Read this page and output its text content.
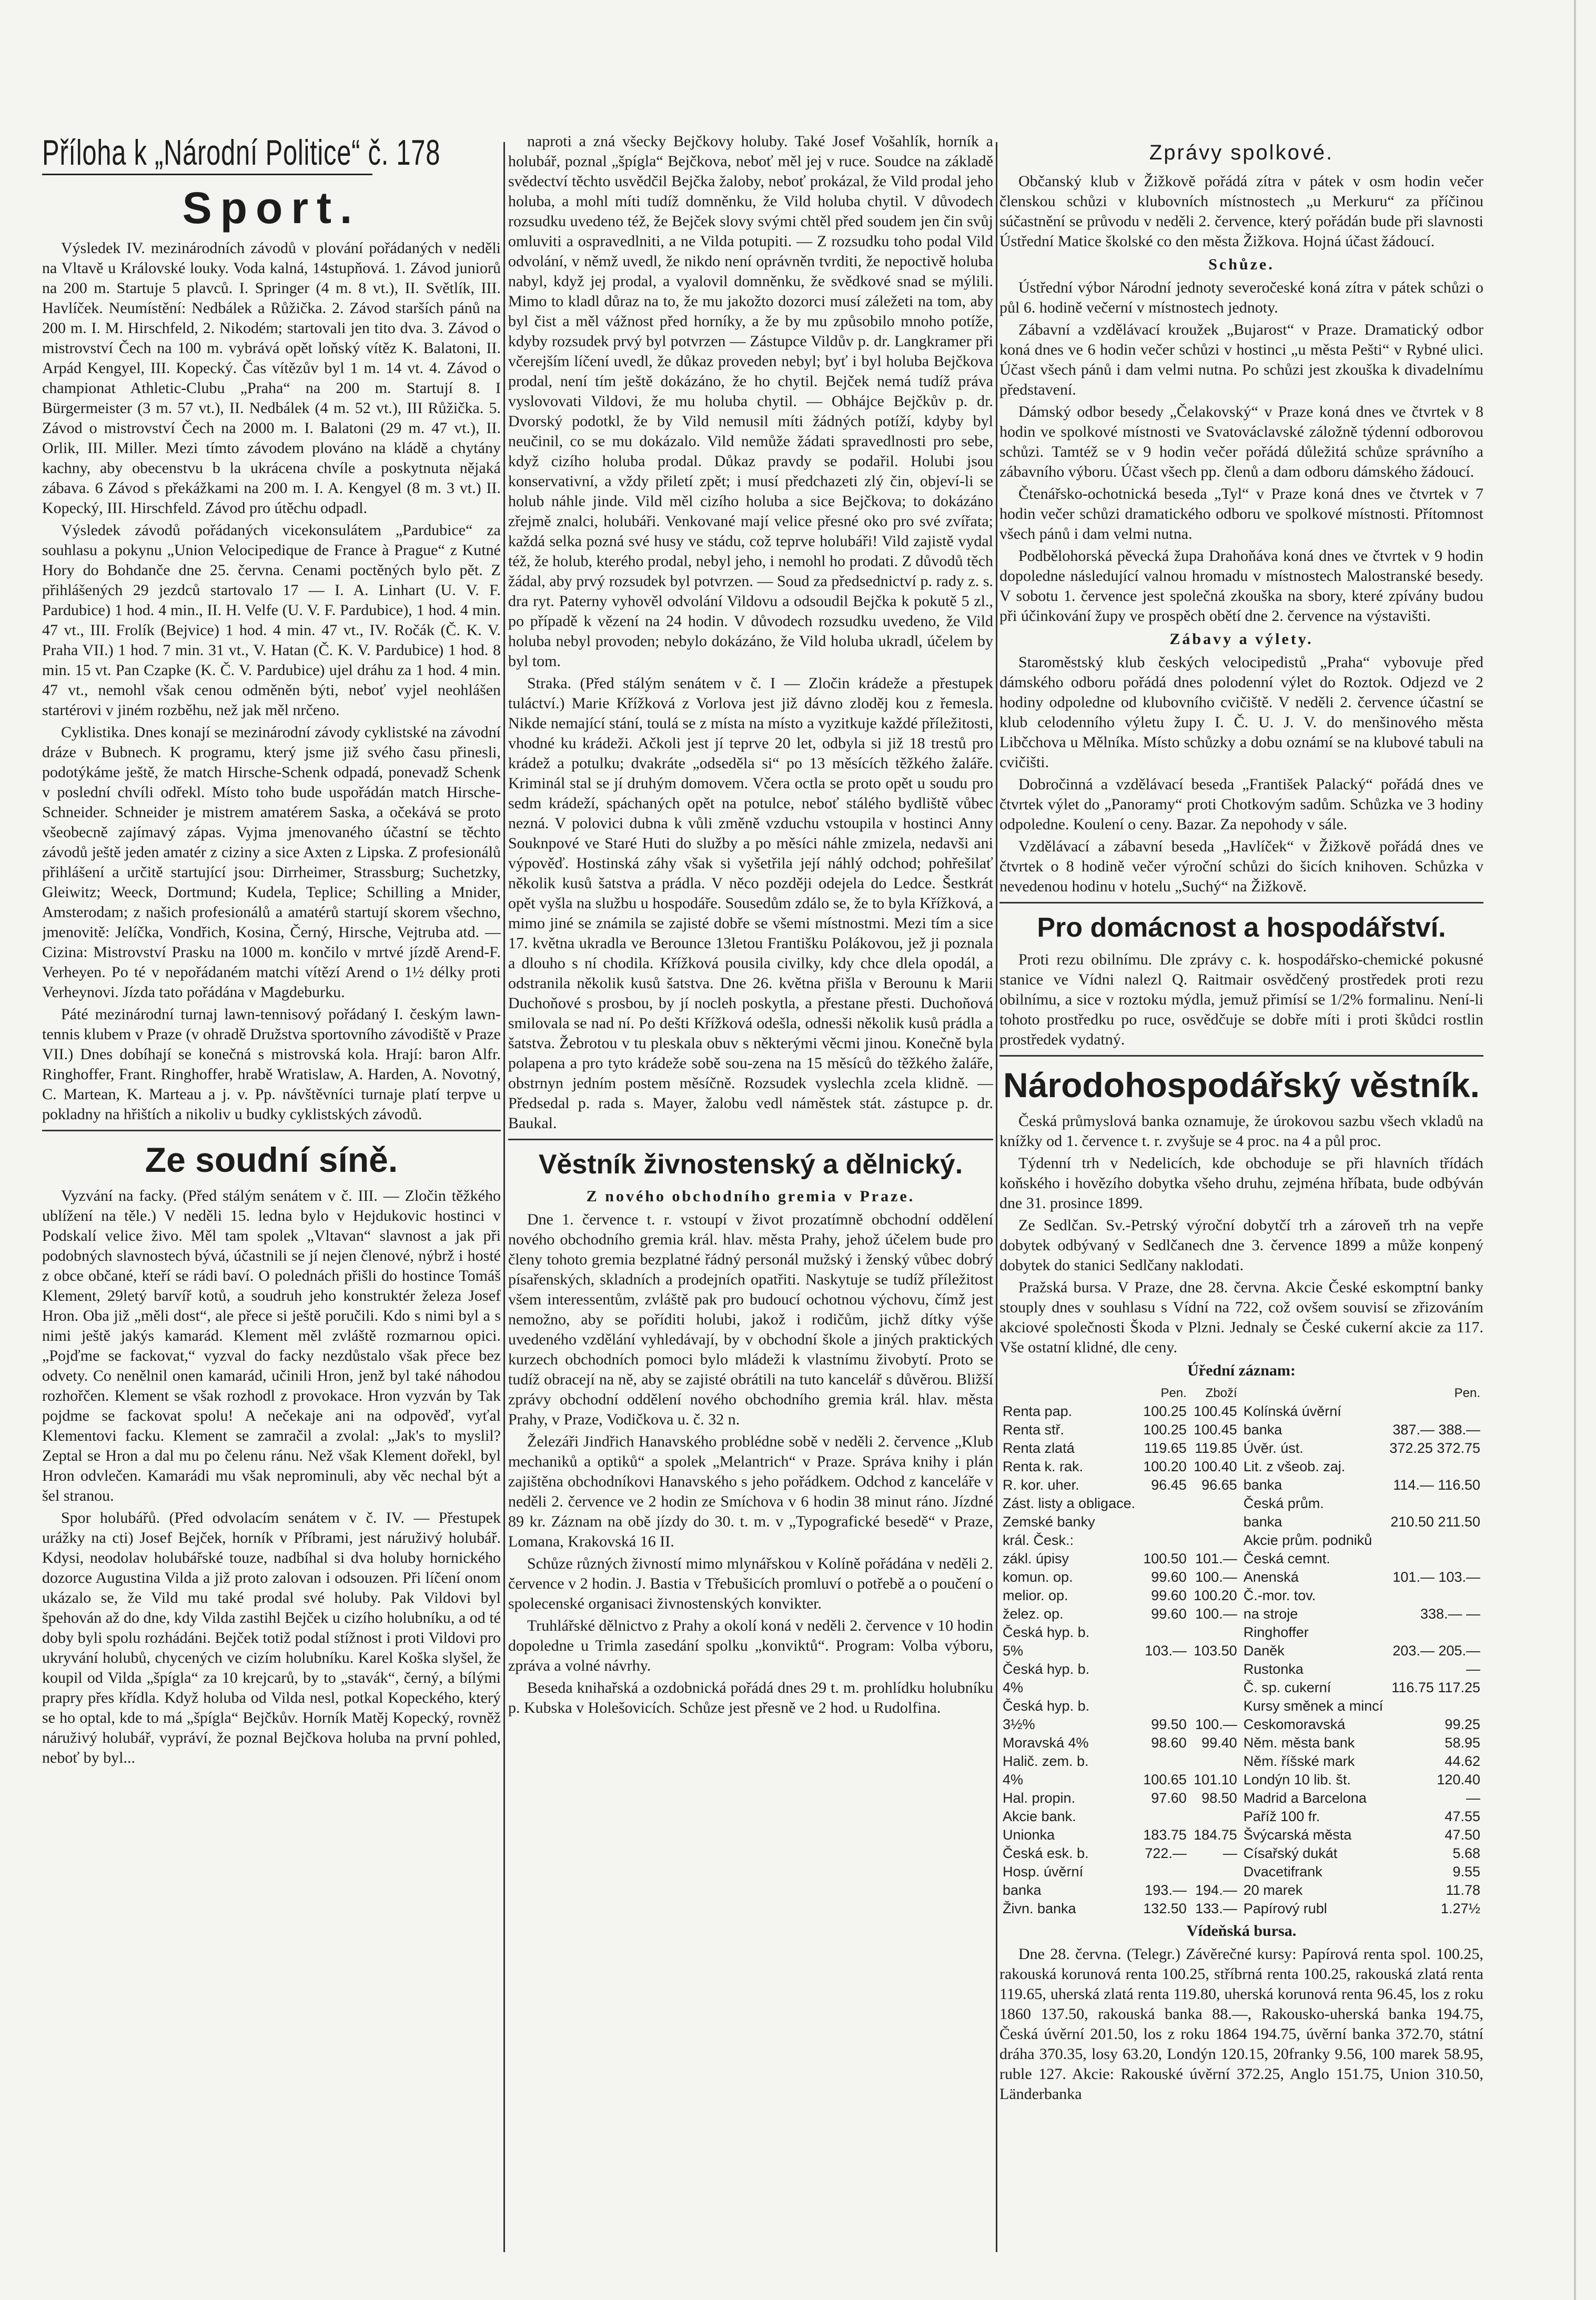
Příloha k „Národní Politice“ č. 178
Sport.

Výsledek IV. mezinárodních závodů v plování pořádaných v neděli na Vltavě u Královské louky. Voda kalná, 14stupňová. 1. Závod juniorů na 200 m. Startuje 5 plavců. I. Springer (4 m. 8 vt.), II. Světlík, III. Havlíček. Neumístění: Nedbálek a Růžička. 2. Závod starších pánů na 200 m. I. M. Hirschfeld, 2. Nikodém; startovali jen tito dva. 3. Závod o mistrovství Čech na 100 m. vybrává opět loňský vítěz K. Balatoni, II. Arpád Kengyel, III. Kopecký. Čas vítězův byl 1 m. 14 vt. 4. Závod o championat Athletic-Clubu „Praha“ na 200 m. Startují 8. I Bürgermeister (3 m. 57 vt.), II. Nedbálek (4 m. 52 vt.), III Růžička. 5. Závod o mistrovství Čech na 2000 m. I. Balatoni (29 m. 47 vt.), II. Orlik, III. Miller. Mezi tímto závodem plováno na kládě a chytány kachny, aby obecenstvu b la ukrácena chvíle a poskytnuta nějaká zábava. 6 Závod s překážkami na 200 m. I. A. Kengyel (8 m. 3 vt.) II. Kopecký, III. Hirschfeld. Závod pro útěchu odpadl.

Výsledek závodů pořádaných vicekonsulátem „Pardubice“ za souhlasu a pokynu „Union Velocipedique de France à Prague“ z Kutné Hory do Bohdanče dne 25. června. Cenami poctěných bylo pět. Z přihlášených 29 jezdců startovalo 17 — I. A. Linhart (U. V. F. Pardubice) 1 hod. 4 min., II. H. Velfe (U. V. F. Pardubice), 1 hod. 4 min. 47 vt., III. Frolík (Bejvice) 1 hod. 4 min. 47 vt., IV. Ročák (Č. K. V. Praha VII.) 1 hod. 7 min. 31 vt., V. Hatan (Č. K. V. Pardubice) 1 hod. 8 min. 15 vt. Pan Czapke (K. Č. V. Pardubice) ujel dráhu za 1 hod. 4 min. 47 vt., nemohl však cenou odměněn býti, neboť vyjel neohlášen startérovi v jiném rozběhu, než jak měl nrčeno.

Cyklistika. Dnes konají se mezinárodní závody cyklistské na závodní dráze v Bubnech. K programu, který jsme již svého času přinesli, podotýkáme ještě, že match Hirsche-Schenk odpadá, ponevadž Schenk v poslední chvíli odřekl. Místo toho bude uspořádán match Hirsche-Schneider. Schneider je mistrem amatérem Saska, a očekává se proto všeobecně zajímavý zápas. Vyjma jmenovaného účastní se těchto závodů ještě jeden amatér z ciziny a sice Axten z Lipska. Z profesionálů přihlášení a určitě startující jsou: Dirrheimer, Strassburg; Suchetzky, Gleiwitz; Weeck, Dortmund; Kudela, Teplice; Schilling a Mnider, Amsterodam; z našich profesionálů a amatérů startují skorem všechno, jmenovitě: Jelíčka, Vondřich, Kosina, Černý, Hirsche, Vejtruba atd. — Cizina: Mistrovství Prasku na 1000 m. končilo v mrtvé jízdě Arend-F. Verheyen. Po té v nepořádaném matchi vítězí Arend o 1½ délky proti Verheynovi. Jízda tato pořádána v Magdeburku.

Páté mezinárodní turnaj lawn-tennisový pořádaný I. českým lawn-tennis klubem v Praze (v ohradě Družstva sportovního závodiště v Praze VII.) Dnes dobíhají se konečná s mistrovská kola. Hrají: baron Alfr. Ringhoffer, Frant. Ringhoffer, hrabě Wratislaw, A. Harden, A. Novotný, C. Martean, K. Marteau a j. v. Pp. návštěvníci turnaje platí terpve u pokladny na hřištích a nikoliv u budky cyklistských závodů.

Ze soudní síně.

Vyzvání na facky. (Před stálým senátem v č. III. — Zločin těžkého ublížení na těle.) V neděli 15. ledna bylo v Hejdukovic hostinci v Podskalí velice živo. Měl tam spolek „Vltavan“ slavnost a jak při podobných slavnostech bývá, účastnili se jí nejen členové, nýbrž i hosté z obce občané, kteří se rádi baví. O polednách přišli do hostince Tomáš Klement, 29letý barvíř kotů, a soudruh jeho konstruktér železa Josef Hron. Oba již „měli dost“, ale přece si ještě poručili. Kdo s nimi byl a s nimi ještě jakýs kamarád. Klement měl zvláště rozmarnou opici. „Pojďme se fackovat,“ vyzval do facky nezdůstalo však přece bez odvety. Co nenělnil onen kamarád, učinili Hron, jenž byl také náhodou rozhořčen. Klement se však rozhodl z provokace. Hron vyzván by Tak pojdme se fackovat spolu! A nečekaje ani na odpověď, vyťal Klementovi facku. Klement se zamračil a zvolal: „Jak's to myslil? Zeptal se Hron a dal mu po čelenu ránu. Než však Klement dořekl, byl Hron odvlečen. Kamarádi mu však neprominuli, aby věc nechal být a šel stranou.

Spor holubářů. (Před odvolacím senátem v č. IV. — Přestupek urážky na cti) Josef Bejček, horník v Příbrami, jest náruživý holubář. Kdysi, neodolav holubářské touze, nadbíhal si dva holuby hornického dozorce Augustina Vilda a již proto zalovan i odsouzen. Při líčení onom ukázalo se, že Vild mu také prodal své holuby. Pak Vildovi byl špehován až do dne, kdy Vilda zastihl Bejček u cizího holubníku, a od té doby byli spolu rozhádáni. Bejček totiž podal stížnost i proti Vildovi pro ukryvání holubů, chycených ve cizím holubníku. Karel Koška slyšel, že koupil od Vilda „špígla“ za 10 krejcarů, by to „stavák“, černý, a bílými prapry přes křídla. Když holuba od Vilda nesl, potkal Kopeckého, který se ho optal, kde to má „špígla“ Bejčkův. Horník Matěj Kopecký, rovněž náruživý holubář, vypráví, že poznal Bejčkova holuba na první pohled, neboť by byl...

naproti a zná všecky Bejčkovy holuby. Také Josef Vošahlík, horník a holubář, poznal „špígla“ Bejčkova, neboť měl jej v ruce. Soudce na základě svědectví těchto usvědčil Bejčka žaloby, neboť prokázal, že Vild prodal jeho holuba, a mohl míti tudíž domněnku, že Vild holuba chytil. V důvodech rozsudku uvedeno též, že Bejček slovy svými chtěl před soudem jen čin svůj omluviti a ospravedlniti, a ne Vilda potupiti. — Z rozsudku toho podal Vild odvolání, v němž uvedl, že nikdo není oprávněn tvrditi, že nepoctivě holuba nabyl, když jej prodal, a vyalovil domněnku, že svědkové snad se mýlili. Mimo to kladl důraz na to, že mu jakožto dozorci musí záležeti na tom, aby byl čist a měl vážnost před horníky, a že by mu způsobilo mnoho potíže, kdyby rozsudek prvý byl potvrzen — Zástupce Vildův p. dr. Langkramer při včerejším líčení uvedl, že důkaz proveden nebyl; byť i byl holuba Bejčkova prodal, není tím ještě dokázáno, že ho chytil. Bejček nemá tudíž práva vyslovovati Vildovi, že mu holuba chytil. — Obhájce Bejčkův p. dr. Dvorský podotkl, že by Vild nemusil míti žádných potíží, kdyby byl neučinil, co se mu dokázalo. Vild nemůže žádati spravedlnosti pro sebe, když cizího holuba prodal. Důkaz pravdy se podařil. Holubi jsou konservativní, a vždy přiletí zpět; i musí předchazeti zlý čin, objeví-li se holub náhle jinde. Vild měl cizího holuba a sice Bejčkova; to dokázáno zřejmě znalci, holubáři. Venkované mají velice přesné oko pro své zvířata; každá selka pozná své husy ve stádu, což teprve holubáři! Vild zajistě vydal též, že holub, kterého prodal, nebyl jeho, i nemohl ho prodati. Z důvodů těch žádal, aby prvý rozsudek byl potvrzen. — Soud za předsednictví p. rady z. s. dra ryt. Paterny vyhověl odvolání Vildovu a odsoudil Bejčka k pokutě 5 zl., po případě k vězení na 24 hodin. V důvodech rozsudku uvedeno, že Vild holuba nebyl provoden; nebylo dokázáno, že Vild holuba ukradl, účelem by byl tom.

Straka. (Před stálým senátem v č. I — Zločin krádeže a přestupek tuláctví.) Marie Křížková z Vorlova jest již dávno zloděj kou z řemesla. Nikde nemající stání, toulá se z místa na místo a vyzitkuje každé příležitosti, vhodné ku krádeži. Ačkoli jest jí teprve 20 let, odbyla si již 18 trestů pro krádež a potulku; dvakráte „odseděla si“ po 13 měsících těžkého žaláře. Kriminál stal se jí druhým domovem. Včera octla se proto opět u soudu pro sedm krádeží, spáchaných opět na potulce, neboť stálého bydliště vůbec nezná. V polovici dubna k vůli změně vzduchu vstoupila v hostinci Anny Souknpové ve Staré Huti do služby a po měsíci náhle zmizela, nedavši ani výpověď. Hostinská záhy však si vyšetřila její náhlý odchod; pohřešilať několik kusů šatstva a prádla. V něco později odejela do Ledce. Šestkrát opět vyšla na službu u hospodáře. Sousedům zdálo se, že to byla Křížková, a mimo jiné se známila se zajisté dobře se všemi místnostmi. Mezi tím a sice 17. května ukradla ve Berounce 13letou Františku Polákovou, jež ji poznala a dlouho s ní chodila. Křížková pousila civilky, kdy chce dlela opodál, a odstranila několik kusů šatstva. Dne 26. května přišla v Berounu k Marii Duchoňové s prosbou, by jí nocleh poskytla, a přestane přesti. Duchoňová smilovala se nad ní. Po dešti Křížková odešla, odnesši několik kusů prádla a šatstva. Žebrotou v tu pleskala obuv s některými věcmi jinou. Konečně byla polapena a pro tyto krádeže sobě sou-zena na 15 měsíců do těžkého žaláře, obstrnyn jedním postem měsíčně. Rozsudek vyslechla zcela klidně. — Předsedal p. rada s. Mayer, žalobu vedl náměstek stát. zástupce p. dr. Baukal.

Věstník živnostenský a dělnický.
Z nového obchodního gremia v Praze.

Dne 1. července t. r. vstoupí v život prozatímně obchodní oddělení nového obchodního gremia král. hlav. města Prahy, jehož účelem bude pro členy tohoto gremia bezplatné řádný personál mužský i ženský vůbec dobrý písařenských, skladních a prodejních opatřiti. Naskytuje se tudíž příležitost všem interessentům, zvláště pak pro budoucí ochotnou výchovu, čímž jest nemožno, aby se poříditi holubi, jakož i rodičům, jichž dítky výše uvedeného vzdělání vyhledávají, by v obchodní škole a jiných praktických kurzech obchodních pomoci bylo mládeži k vlastnímu živobytí. Proto se tudíž obracejí na ně, aby se zajisté obrátili na tuto kancelář s důvěrou. Bližší zprávy obchodní oddělení nového obchodního gremia král. hlav. města Prahy, v Praze, Vodičkova u. č. 32 n.

Železáři Jindřich Hanavského problédne sobě v neděli 2. července „Klub mechaniků a optiků“ a spolek „Melantrich“ v Praze. Správa knihy i plán zajištěna obchodníkovi Hanavského s jeho pořádkem. Odchod z kanceláře v neděli 2. července ve 2 hodin ze Smíchova v 6 hodin 38 minut ráno. Jízdné 89 kr. Záznam na obě jízdy do 30. t. m. v „Typografické besedě“ v Praze, Lomana, Krakovská 16 II.

Schůze různých živností mimo mlynářskou v Kolíně pořádána v neděli 2. července v 2 hodin. J. Bastia v Třebušicích promluví o potřebě a o poučení o spolecenské organisaci živnostenských konvikter.

Truhlářské dělnictvo z Prahy a okolí koná v neděli 2. července v 10 hodin dopoledne u Trimla zasedání spolku „konviktů“. Program: Volba výboru, zpráva a volné návrhy.

Beseda knihařská a ozdobnická pořádá dnes 29 t. m. prohlídku holubníku p. Kubska v Holešovicích. Schůze jest přesně ve 2 hod. u Rudolfina.

Zprávy spolkové.

Občanský klub v Žižkově pořádá zítra v pátek v osm hodin večer členskou schůzi v klubovních místnostech „u Merkuru“ za příčinou súčastnění se průvodu v neděli 2. července, který pořádán bude při slavnosti Ústřední Matice školské co den města Žižkova. Hojná účast žádoucí.

Schůze.

Ústřední výbor Národní jednoty severočeské koná zítra v pátek schůzi o půl 6. hodině večerní v místnostech jednoty.

Zábavní a vzdělávací kroužek „Bujarost“ v Praze. Dramatický odbor koná dnes ve 6 hodin večer schůzi v hostinci „u města Pešti“ v Rybné ulici. Účast všech pánů i dam velmi nutna. Po schůzi jest zkouška k divadelnímu představení.

Dámský odbor besedy „Čelakovský“ v Praze koná dnes ve čtvrtek v 8 hodin ve spolkové místnosti ve Svatováclavské záložně týdenní odborovou schůzi. Tamtéž se v 9 hodin večer pořádá důležitá schůze správního a zábavního výboru. Účast všech pp. členů a dam odboru dámského žádoucí.

Čtenářsko-ochotnická beseda „Tyl“ v Praze koná dnes ve čtvrtek v 7 hodin večer schůzi dramatického odboru ve spolkové místnosti. Přítomnost všech pánů i dam velmi nutna.

Podbělohorská pěvecká župa Drahoňáva koná dnes ve čtvrtek v 9 hodin dopoledne následující valnou hromadu v místnostech Malostranské besedy. V sobotu 1. července jest společná zkouška na sbory, které zpívány budou při účinkování župy ve prospěch obětí dne 2. července na výstavišti.

Zábavy a výlety.

Staroměstský klub českých velocipedistů „Praha“ vybovuje před dámského odboru pořádá dnes polodenní výlet do Roztok. Odjezd ve 2 hodiny odpoledne od klubovního cvičiště. V neděli 2. července účastní se klub celodenního výletu župy I. Č. U. J. V. do menšinového města Libčchova u Mělníka. Místo schůzky a dobu oznámí se na klubové tabuli na cvičišti.

Dobročinná a vzdělávací beseda „František Palacký“ pořádá dnes ve čtvrtek výlet do „Panoramy“ proti Chotkovým sadům. Schůzka ve 3 hodiny odpoledne. Koulení o ceny. Bazar. Za nepohody v sále.

Vzdělávací a zábavní beseda „Havlíček“ v Žižkově pořádá dnes ve čtvrtek o 8 hodině večer výroční schůzi do šicích knihoven. Schůzka v nevedenou hodinu v hotelu „Suchý“ na Žižkově.

Pro domácnost a hospodářství.

Proti rezu obilnímu. Dle zprávy c. k. hospodářsko-chemické pokusné stanice ve Vídni nalezl Q. Raitmair osvědčený prostředek proti rezu obilnímu, a sice v roztoku mýdla, jemuž přimísí se 1/2% formalinu. Není-li tohoto prostředku po ruce, osvědčuje se dobře míti i proti škůdci rostlin prostředek vydatný.

Národohospodářský věstník.

Česká průmyslová banka oznamuje, že úrokovou sazbu všech vkladů na knížky od 1. července t. r. zvyšuje se 4 proc. na 4 a půl proc.

Týdenní trh v Nedelicích, kde obchoduje se při hlavních třídách koňského i hovězího dobytka všeho druhu, zejména hříbata, bude odbýván dne 31. prosince 1899.

Ze Sedlčan. Sv.-Petrský výroční dobytčí trh a zároveň trh na vepře dobytek odbývaný v Sedlčanech dne 3. července 1899 a může konpený dobytek do stanici Sedlčany naklodati.

Pražská bursa. V Praze, dne 28. června. Akcie České eskomptní banky stouply dnes v souhlasu s Vídní na 722, což ovšem souvisí se zřizováním akciové společnosti Škoda v Plzni. Jednaly se České cukerní akcie za 117. Vše ostatní klidné, dle ceny.

Úřední záznam:
	Pen.	Zboží		Pen.
Renta pap.	100.25	100.45	Kolínská úvěrní	
Renta stř.	100.25	100.45	banka	387.— 388.—
Renta zlatá	119.65	119.85	Úvěr. úst.	372.25 372.75
Renta k. rak.	100.20	100.40	Lit. z všeob. zaj.	
R. kor. uher.	96.45	96.65	banka	114.— 116.50
Zást. listy a obligace.			Česká prům.	
Zemské banky			banka	210.50 211.50
král. Česk.:			Akcie prům. podniků	
zákl. úpisy	100.50	101.—	Česká cemnt.	
komun. op.	99.60	100.—	Anenská	101.— 103.—
melior. op.	99.60	100.20	Č.-mor. tov.	
želez. op.	99.60	100.—	na stroje	338.— —
Česká hyp. b.			Ringhoffer	
5%	103.—	103.50	Daněk	203.— 205.—
Česká hyp. b.			Rustonka	—
4%			Č. sp. cukerní	116.75 117.25
Česká hyp. b.			Kursy směnek a mincí	
3½%	99.50	100.—	Ceskomoravská	99.25
Moravská 4%	98.60	99.40	Něm. města bank	58.95
Halič. zem. b.			Něm. říšské mark	44.62
4%	100.65	101.10	Londýn 10 lib. št.	120.40
Hal. propin.	97.60	98.50	Madrid a Barcelona	—
Akcie bank.			Paříž 100 fr.	47.55
Unionka	183.75	184.75	Švýcarská města	47.50
Česká esk. b.	722.—	—	Císařský dukát	5.68
Hosp. úvěrní			Dvacetifrank	9.55
banka	193.—	194.—	20 marek	11.78
Živn. banka	132.50	133.—	Papírový rubl	1.27½
Vídeňská bursa.

Dne 28. června. (Telegr.) Závěrečné kursy: Papírová renta spol. 100.25, rakouská korunová renta 100.25, stříbrná renta 100.25, rakouská zlatá renta 119.65, uherská zlatá renta 119.80, uherská korunová renta 96.45, los z roku 1860 137.50, rakouská banka 88.—, Rakousko-uherská banka 194.75, Česká úvěrní 201.50, los z roku 1864 194.75, úvěrní banka 372.70, státní dráha 370.35, losy 63.20, Londýn 120.15, 20franky 9.56, 100 marek 58.95, ruble 127. Akcie: Rakouské úvěrní 372.25, Anglo 151.75, Union 310.50, Länderbanka
